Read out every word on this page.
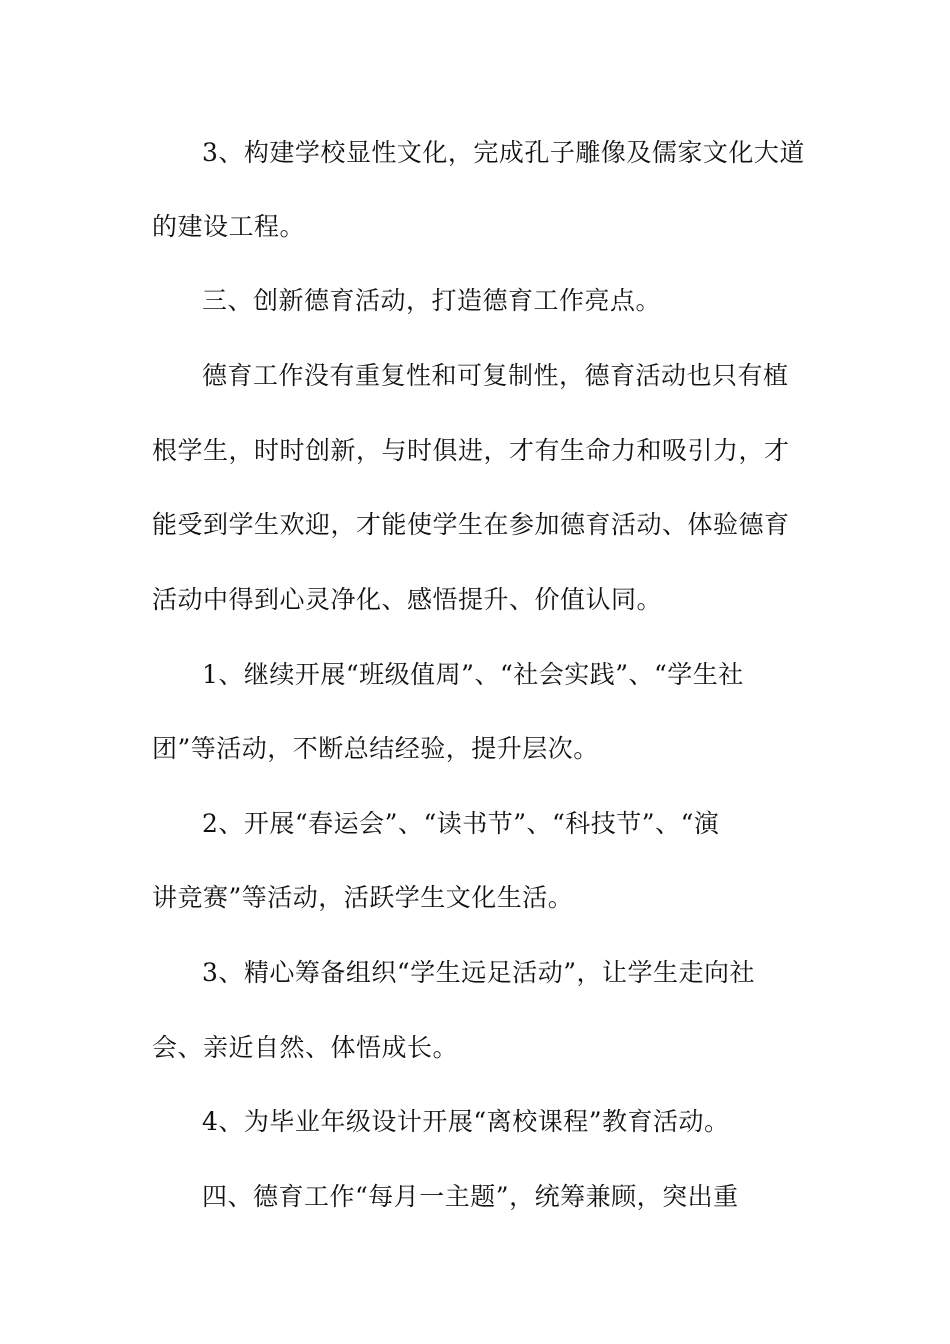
3、构建学校显性文化，完成孔子雕像及儒家文化大道
的建设工程。
三、创新德育活动，打造德育工作亮点。
德育工作没有重复性和可复制性，德育活动也只有植
根学生，时时创新，与时俱进，才有生命力和吸引力，才
能受到学生欢迎，才能使学生在参加德育活动、体验德育
活动中得到心灵净化、感悟提升、价值认同。
1、继续开展“班级值周”、“社会实践”、“学生社
团”等活动，不断总结经验，提升层次。
2、开展“春运会”、“读书节”、“科技节”、“演
讲竞赛”等活动，活跃学生文化生活。
3、精心筹备组织“学生远足活动”，让学生走向社
会、亲近自然、体悟成长。
4、为毕业年级设计开展“离校课程”教育活动。
四、德育工作“每月一主题”，统筹兼顾，突出重
